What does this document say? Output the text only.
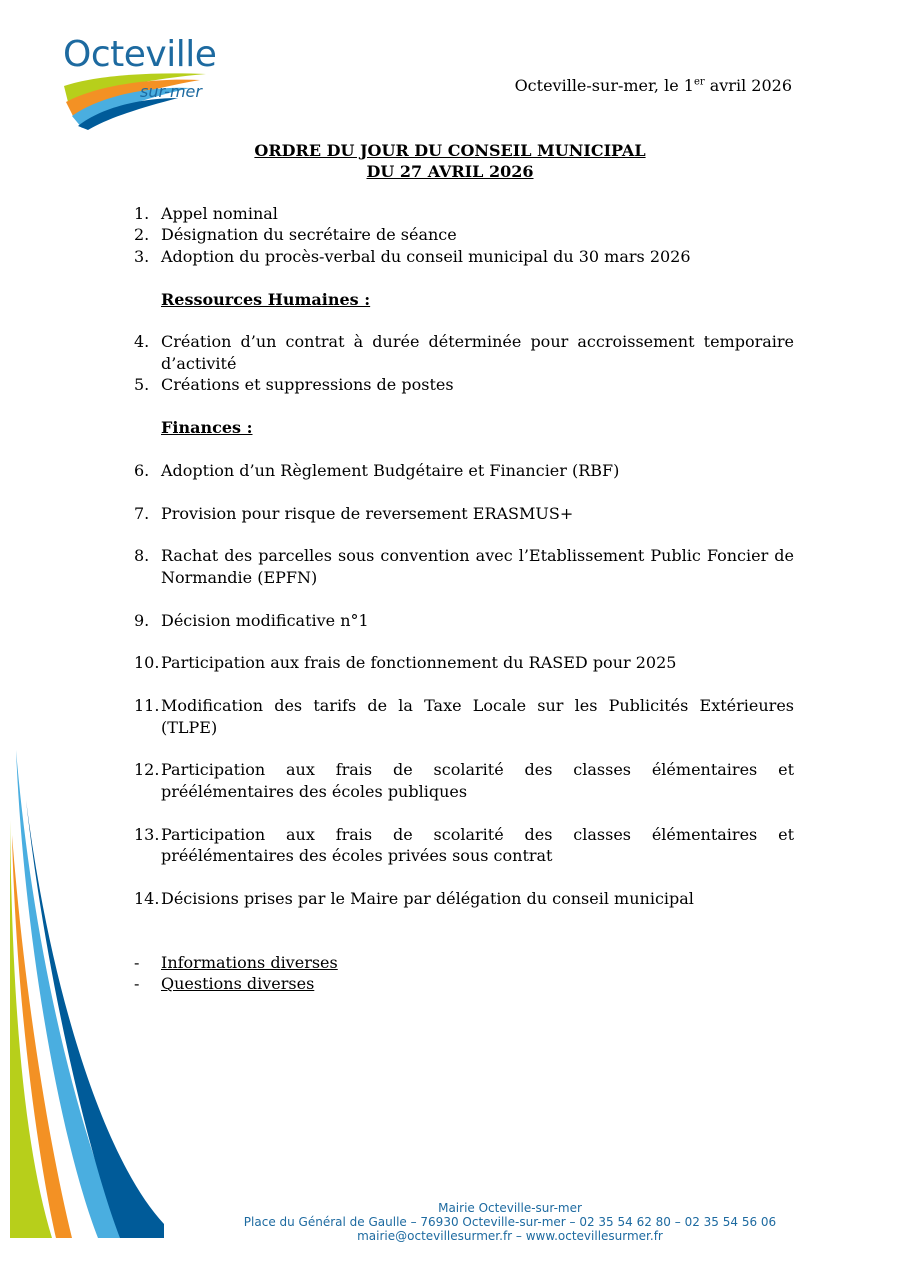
Octeville
sur-mer	Octeville-sur-mer, le 1er avril 2026
ORDRE DU JOUR DU CONSEIL MUNICIPAL
DU 27 AVRIL 2026
1. Appel nominal
2. Désignation du secrétaire de séance
3. Adoption du procès-verbal du conseil municipal du 30 mars 2026
Ressources Humaines :
4. Création d’un contrat à durée déterminée pour accroissement temporaire d’activité
5. Créations et suppressions de postes
Finances :
6. Adoption d’un Règlement Budgétaire et Financier (RBF)
7. Provision pour risque de reversement ERASMUS+
8. Rachat des parcelles sous convention avec l’Etablissement Public Foncier de Normandie (EPFN)
9. Décision modificative n°1
10. Participation aux frais de fonctionnement du RASED pour 2025
11. Modification des tarifs de la Taxe Locale sur les Publicités Extérieures (TLPE)
12. Participation aux frais de scolarité des classes élémentaires et préélémentaires des écoles publiques
13. Participation aux frais de scolarité des classes élémentaires et préélémentaires des écoles privées sous contrat
14. Décisions prises par le Maire par délégation du conseil municipal
-	Informations diverses
-	Questions diverses
Mairie Octeville-sur-mer
Place du Général de Gaulle – 76930 Octeville-sur-mer – 02 35 54 62 80 – 02 35 54 56 06
mairie@octevillesurmer.fr – www.octevillesurmer.fr
